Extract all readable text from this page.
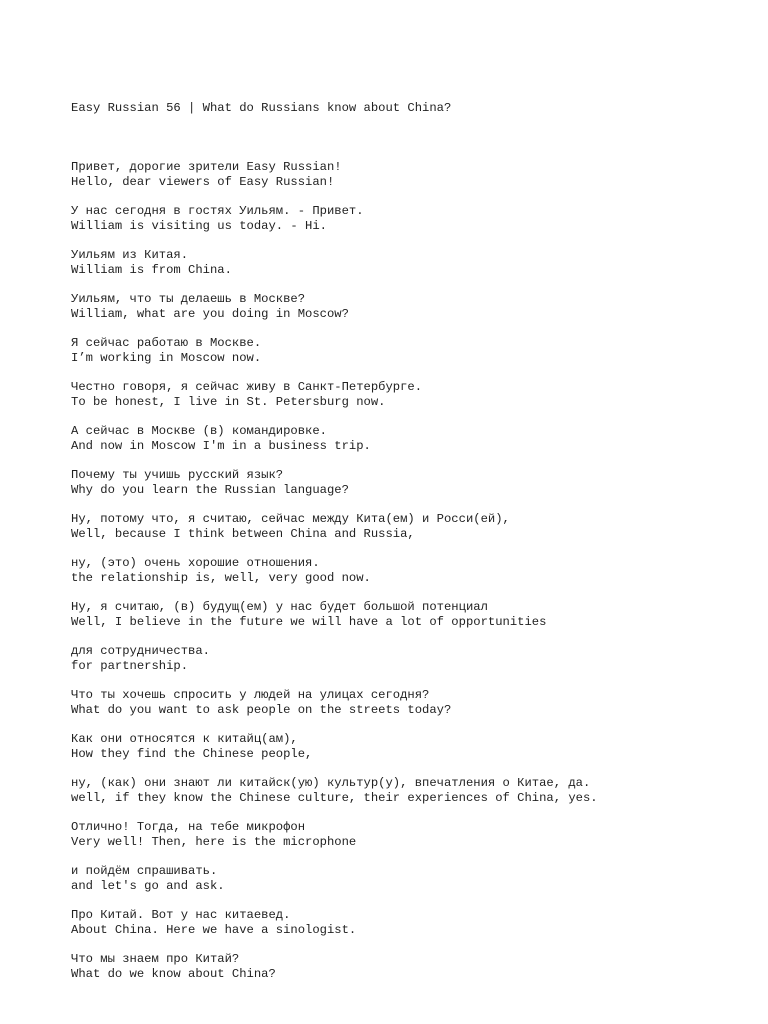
Easy Russian 56 | What do Russians know about China?

Привет, дорогие зрители Easy Russian!
Hello, dear viewers of Easy Russian!
У нас сегодня в гостях Уильям. - Привет.
William is visiting us today. - Hi.
Уильям из Китая.
William is from China.
Уильям, что ты делаешь в Москве?
William, what are you doing in Moscow?
Я сейчас работаю в Москве.
I’m working in Moscow now.
Честно говоря, я сейчас живу в Санкт-Петербурге.
To be honest, I live in St. Petersburg now.
А сейчас в Москве (в) командировке.
And now in Moscow I'm in a business trip.
Почему ты учишь русский язык?
Why do you learn the Russian language?
Ну, потому что, я считаю, сейчас между Кита(ем) и Росси(ей),
Well, because I think between China and Russia,
ну, (это) очень хорошие отношения.
the relationship is, well, very good now.
Ну, я считаю, (в) будущ(ем) у нас будет большой потенциал
Well, I believe in the future we will have a lot of opportunities
для сотрудничества.
for partnership.
Что ты хочешь спросить у людей на улицах сегодня?
What do you want to ask people on the streets today?
Как они относятся к китайц(ам),
How they find the Chinese people,
ну, (как) они знают ли китайск(ую) культур(у), впечатления о Китае, да.
well, if they know the Chinese culture, their experiences of China, yes.
Отлично! Тогда, на тебе микрофон
Very well! Then, here is the microphone
и пойдём спрашивать.
and let's go and ask.
Про Китай. Вот у нас китаевед.
About China. Here we have a sinologist.
Что мы знаем про Китай?
What do we know about China?
